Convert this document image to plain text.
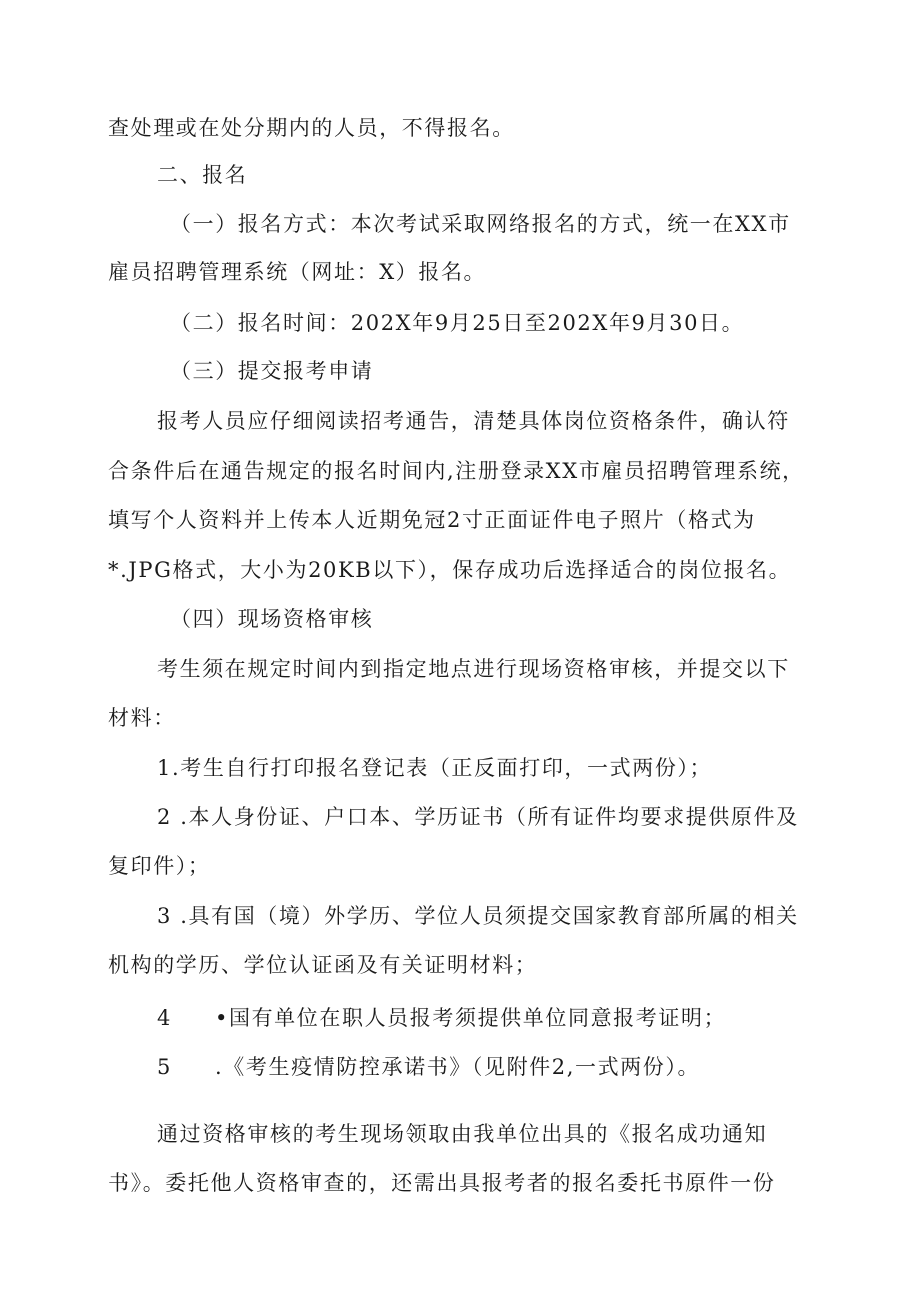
查处理或在处分期内的人员，不得报名。
二、报名
（一）报名方式：本次考试采取网络报名的方式，统一在XX市
雇员招聘管理系统（网址：X）报名。
（二）报名时间：202X年9月25日至202X年9月30日。
（三）提交报考申请
报考人员应仔细阅读招考通告，清楚具体岗位资格条件，确认符
合条件后在通告规定的报名时间内,注册登录XX市雇员招聘管理系统，
填写个人资料并上传本人近期免冠2寸正面证件电子照片（格式为
*.JPG格式，大小为20KB以下），保存成功后选择适合的岗位报名。
（四）现场资格审核
考生须在规定时间内到指定地点进行现场资格审核，并提交以下
材料：
1.考生自行打印报名登记表（正反面打印，一式两份）；
2 .本人身份证、户口本、学历证书（所有证件均要求提供原件及
复印件）；
3 .具有国（境）外学历、学位人员须提交国家教育部所属的相关
机构的学历、学位认证函及有关证明材料；
4 •国有单位在职人员报考须提供单位同意报考证明；
5 .《考生疫情防控承诺书》（见附件2,一式两份）。
通过资格审核的考生现场领取由我单位出具的《报名成功通知
书》。委托他人资格审查的，还需出具报考者的报名委托书原件一份
